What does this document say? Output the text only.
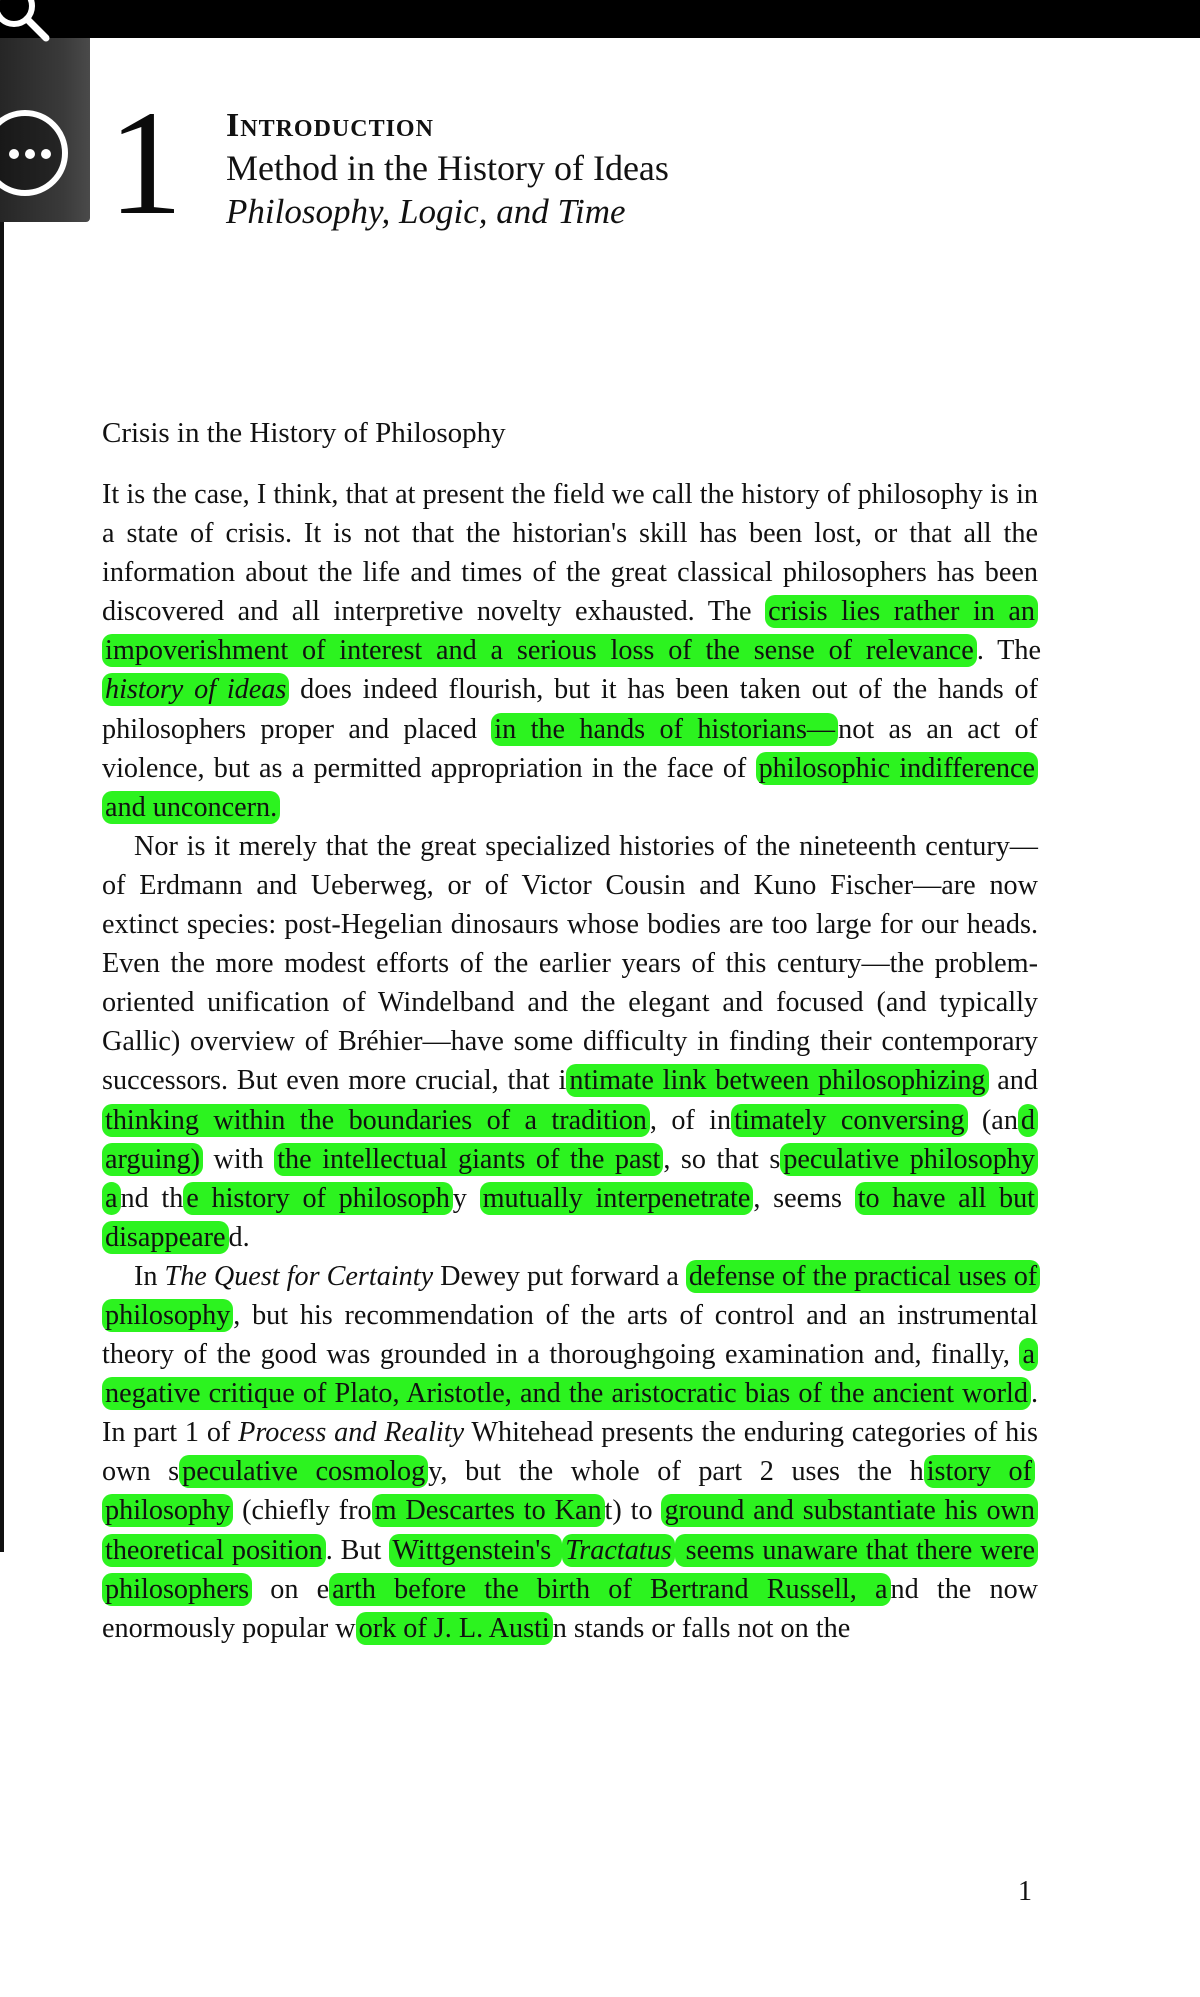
1 Introduction
Method in the History of Ideas
Philosophy, Logic, and Time
Crisis in the History of Philosophy

It is the case, I think, that at present the field we call the history of philosophy is in a state of crisis. It is not that the historian's skill has been lost, or that all the information about the life and times of the great classical philosophers has been discovered and all interpretive novelty exhausted. The crisis lies rather in an impoverishment of interest and a serious loss of the sense of relevance . The history of ideas does indeed flourish, but it has been taken out of the hands of philosophers proper and placed in the hands of historians— not as an act of violence, but as a permitted appropriation in the face of philosophic indifference and unconcern.

Nor is it merely that the great specialized histories of the nineteenth century—of Erdmann and Ueberweg, or of Victor Cousin and Kuno Fischer—are now extinct species: post-Hegelian dinosaurs whose bodies are too large for our heads. Even the more modest efforts of the earlier years of this century—the problem-oriented unification of Windelband and the elegant and focused (and typically Gallic) overview of Bréhier—have some difficulty in finding their contemporary successors. But even more crucial, that i ntimate link between philosophizing and thinking within the boundaries of a tradition , of in timately conversing (an d arguing) with the intellectual giants of the past , so that s peculative philosophy a nd th e history of philosoph y mutually interpenetrate , seems to have all but disappeare d.

In The Quest for Certainty Dewey put forward a defense of the practical uses of philosophy , but his recommendation of the arts of control and an instrumental theory of the good was grounded in a thoroughgoing examination and, finally, a negative critique of Plato, Aristotle, and the aristocratic bias of the ancient world . In part 1 of Process and Reality Whitehead presents the enduring categories of his own s peculative cosmolog y, but the whole of part 2 uses the h istory of philosophy (chiefly fro m Descartes to Kan t) to ground and substantiate his own theoretical position . But Wittgenstein's Tractatus seems unaware that there were philosophers on e arth before the birth of Bertrand Russell, a nd the now enormously popular w ork of J. L. Austi n stands or falls not on the

1
